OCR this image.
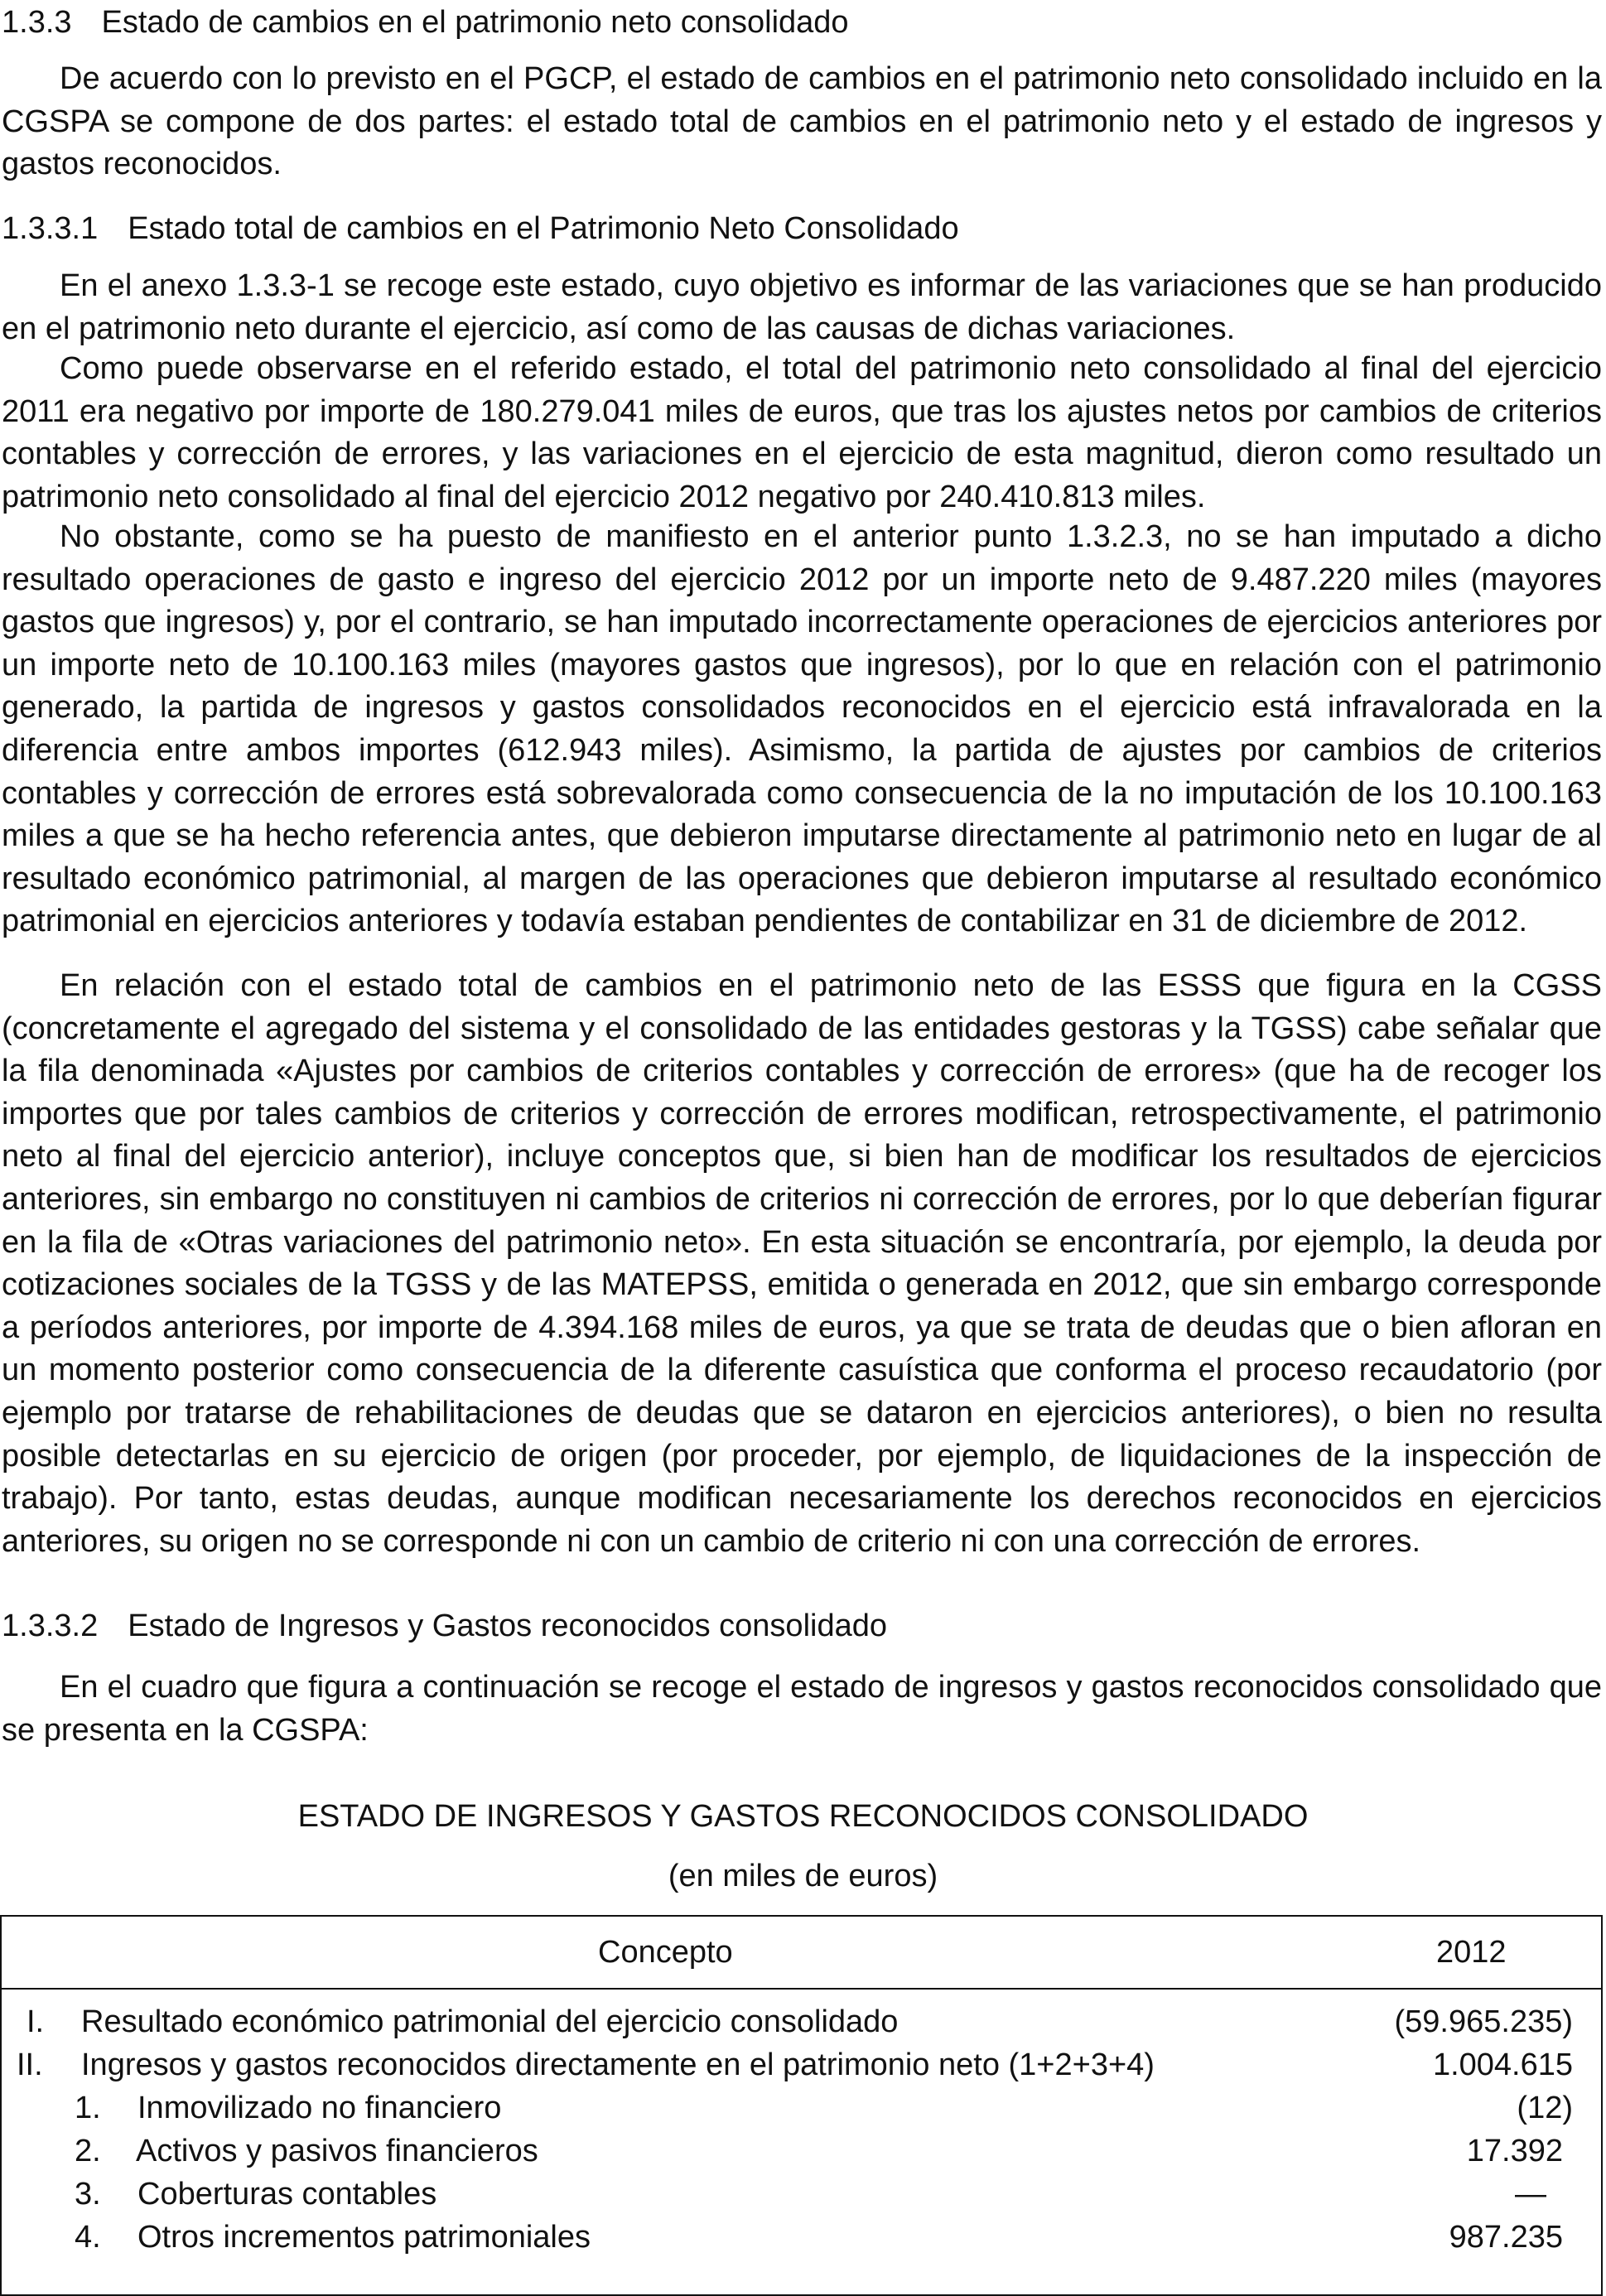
1.3.3 Estado de cambios en el patrimonio neto consolidado

De acuerdo con lo previsto en el PGCP, el estado de cambios en el patrimonio neto consolidado incluido en la CGSPA se compone de dos partes: el estado total de cambios en el patrimonio neto y el estado de ingresos y gastos reconocidos.

1.3.3.1 Estado total de cambios en el Patrimonio Neto Consolidado

En el anexo 1.3.3-1 se recoge este estado, cuyo objetivo es informar de las variaciones que se han producido en el patrimonio neto durante el ejercicio, así como de las causas de dichas variaciones.

Como puede observarse en el referido estado, el total del patrimonio neto consolidado al final del ejercicio 2011 era negativo por importe de 180.279.041 miles de euros, que tras los ajustes netos por cambios de criterios contables y corrección de errores, y las variaciones en el ejercicio de esta magnitud, dieron como resultado un patrimonio neto consolidado al final del ejercicio 2012 negativo por 240.410.813 miles.

No obstante, como se ha puesto de manifiesto en el anterior punto 1.3.2.3, no se han imputado a dicho resultado operaciones de gasto e ingreso del ejercicio 2012 por un importe neto de 9.487.220 miles (mayores gastos que ingresos) y, por el contrario, se han imputado incorrectamente operaciones de ejercicios anteriores por un importe neto de 10.100.163 miles (mayores gastos que ingresos), por lo que en relación con el patrimonio generado, la partida de ingresos y gastos consolidados reconocidos en el ejercicio está infravalorada en la diferencia entre ambos importes (612.943 miles). Asimismo, la partida de ajustes por cambios de criterios contables y corrección de errores está sobrevalorada como consecuencia de la no imputación de los 10.100.163 miles a que se ha hecho referencia antes, que debieron imputarse directamente al patrimonio neto en lugar de al resultado económico patrimonial, al margen de las operaciones que debieron imputarse al resultado económico patrimonial en ejercicios anteriores y todavía estaban pendientes de contabilizar en 31 de diciembre de 2012.

En relación con el estado total de cambios en el patrimonio neto de las ESSS que figura en la CGSS (concretamente el agregado del sistema y el consolidado de las entidades gestoras y la TGSS) cabe señalar que la fila denominada «Ajustes por cambios de criterios contables y corrección de errores» (que ha de recoger los importes que por tales cambios de criterios y corrección de errores modifican, retrospectivamente, el patrimonio neto al final del ejercicio anterior), incluye conceptos que, si bien han de modificar los resultados de ejercicios anteriores, sin embargo no constituyen ni cambios de criterios ni corrección de errores, por lo que deberían figurar en la fila de «Otras variaciones del patrimonio neto». En esta situación se encontraría, por ejemplo, la deuda por cotizaciones sociales de la TGSS y de las MATEPSS, emitida o generada en 2012, que sin embargo corresponde a períodos anteriores, por importe de 4.394.168 miles de euros, ya que se trata de deudas que o bien afloran en un momento posterior como consecuencia de la diferente casuística que conforma el proceso recaudatorio (por ejemplo por tratarse de rehabilitaciones de deudas que se dataron en ejercicios anteriores), o bien no resulta posible detectarlas en su ejercicio de origen (por proceder, por ejemplo, de liquidaciones de la inspección de trabajo). Por tanto, estas deudas, aunque modifican necesariamente los derechos reconocidos en ejercicios anteriores, su origen no se corresponde ni con un cambio de criterio ni con una corrección de errores.

1.3.3.2 Estado de Ingresos y Gastos reconocidos consolidado

En el cuadro que figura a continuación se recoge el estado de ingresos y gastos reconocidos consolidado que se presenta en la CGSPA:

ESTADO DE INGRESOS Y GASTOS RECONOCIDOS CONSOLIDADO
(en miles de euros)
Concepto	2012
I. Resultado económico patrimonial del ejercicio consolidado	(59.965.235)
II. Ingresos y gastos reconocidos directamente en el patrimonio neto (1+2+3+4)	1.004.615
1. Inmovilizado no financiero	(12)
2. Activos y pasivos financieros	17.392
3. Coberturas contables	—
4. Otros incrementos patrimoniales	987.235
